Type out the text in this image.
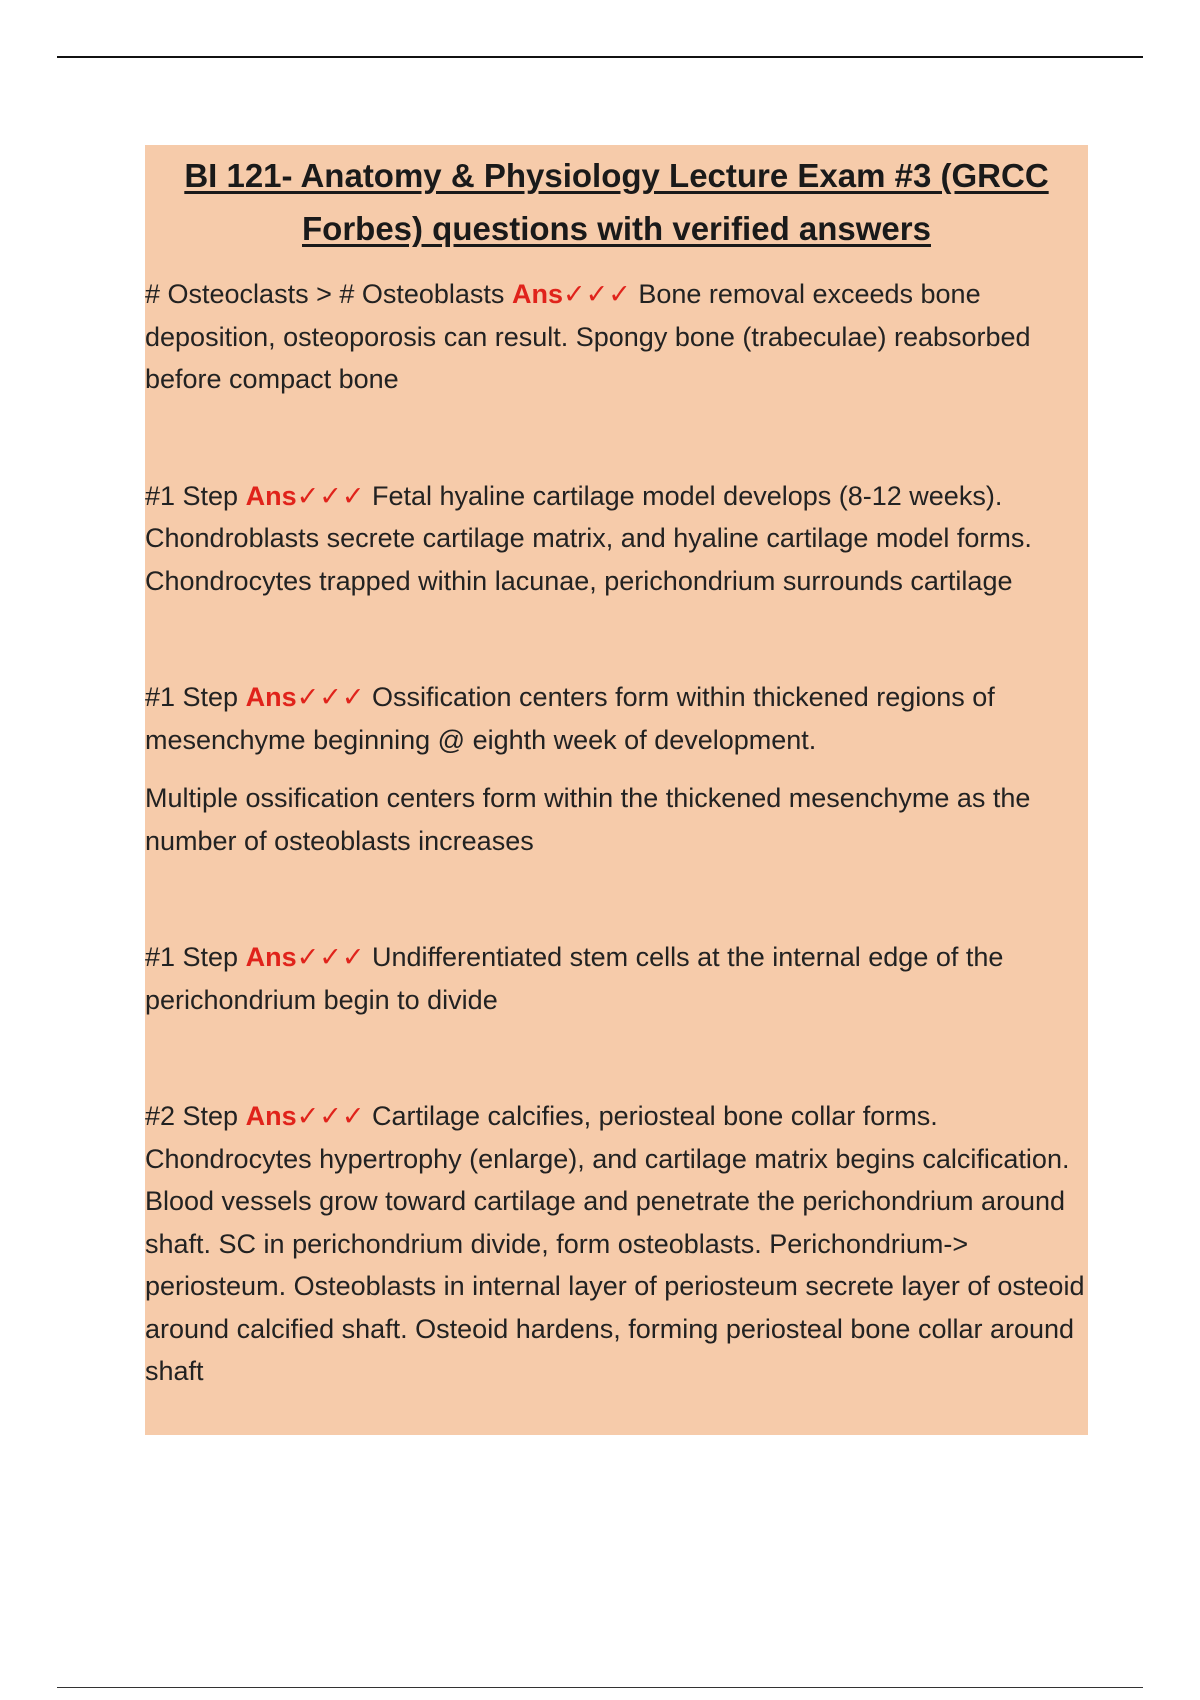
BI 121- Anatomy & Physiology Lecture Exam #3 (GRCC Forbes) questions with verified answers

# Osteoclasts > # Osteoblasts Ans✓✓✓ Bone removal exceeds bone deposition, osteoporosis can result. Spongy bone (trabeculae) reabsorbed before compact bone

#1 Step Ans✓✓✓ Fetal hyaline cartilage model develops (8-12 weeks). Chondroblasts secrete cartilage matrix, and hyaline cartilage model forms. Chondrocytes trapped within lacunae, perichondrium surrounds cartilage

#1 Step Ans✓✓✓ Ossification centers form within thickened regions of mesenchyme beginning @ eighth week of development.

Multiple ossification centers form within the thickened mesenchyme as the number of osteoblasts increases

#1 Step Ans✓✓✓ Undifferentiated stem cells at the internal edge of the perichondrium begin to divide

#2 Step Ans✓✓✓ Cartilage calcifies, periosteal bone collar forms. Chondrocytes hypertrophy (enlarge), and cartilage matrix begins calcification. Blood vessels grow toward cartilage and penetrate the perichondrium around shaft. SC in perichondrium divide, form osteoblasts. Perichondrium-> periosteum. Osteoblasts in internal layer of periosteum secrete layer of osteoid around calcified shaft. Osteoid hardens, forming periosteal bone collar around shaft
